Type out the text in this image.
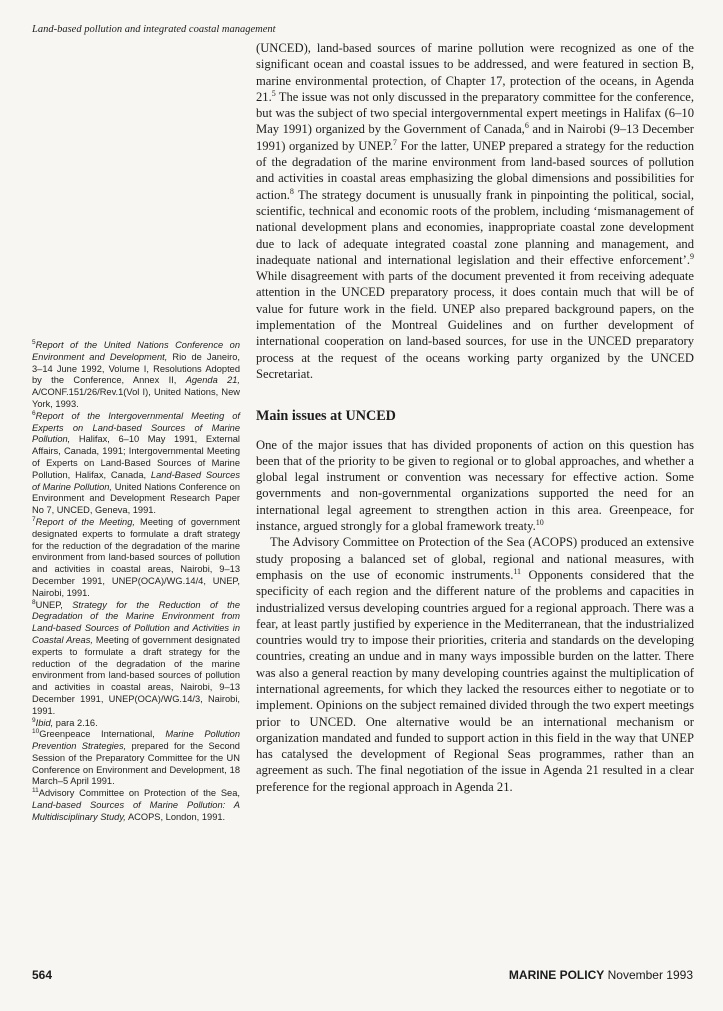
Land-based pollution and integrated coastal management

(UNCED), land-based sources of marine pollution were recognized as one of the significant ocean and coastal issues to be addressed, and were featured in section B, marine environmental protection, of Chapter 17, protection of the oceans, in Agenda 21.$^5$ The issue was not only discussed in the preparatory committee for the conference, but was the subject of two special intergovernmental expert meetings in Halifax (6–10 May 1991) organized by the Government of Canada,$^6$ and in Nairobi (9–13 December 1991) organized by UNEP.$^7$ For the latter, UNEP prepared a strategy for the reduction of the degradation of the marine environment from land-based sources of pollution and activities in coastal areas emphasizing the global dimensions and possibilities for action.$^8$ The strategy document is unusually frank in pinpointing the political, social, scientific, technical and economic roots of the problem, including ‘mismanagement of national development plans and economies, inappropriate coastal zone development due to lack of adequate integrated coastal zone planning and management, and inadequate national and international legislation and their effective enforcement’.$^9$ While disagreement with parts of the document prevented it from receiving adequate attention in the UNCED preparatory process, it does contain much that will be of value for future work in the field. UNEP also prepared background papers, on the implementation of the Montreal Guidelines and on further development of international cooperation on land-based sources, for use in the UNCED preparatory process at the request of the oceans working party organized by the UNCED Secretariat.

Main issues at UNCED

One of the major issues that has divided proponents of action on this question has been that of the priority to be given to regional or to global approaches, and whether a global legal instrument or convention was necessary for effective action. Some governments and non-governmental organizations supported the need for an international legal agreement to strengthen action in this area. Greenpeace, for instance, argued strongly for a global framework treaty.$^{10}$

The Advisory Committee on Protection of the Sea (ACOPS) produced an extensive study proposing a balanced set of global, regional and national measures, with emphasis on the use of economic instruments.$^{11}$ Opponents considered that the specificity of each region and the different nature of the problems and capacities in industrialized versus developing countries argued for a regional approach. There was a fear, at least partly justified by experience in the Mediterranean, that the industrialized countries would try to impose their priorities, criteria and standards on the developing countries, creating an undue and in many ways impossible burden on the latter. There was also a general reaction by many developing countries against the multiplication of international agreements, for which they lacked the resources either to negotiate or to implement. Opinions on the subject remained divided through the two expert meetings prior to UNCED. One alternative would be an international mechanism or organization mandated and funded to support action in this field in the way that UNEP has catalysed the development of Regional Seas programmes, rather than an agreement as such. The final negotiation of the issue in Agenda 21 resulted in a clear preference for the regional approach in Agenda 21.

$^5$Report of the United Nations Conference on Environment and Development, Rio de Janeiro, 3–14 June 1992, Volume I, Resolutions Adopted by the Conference, Annex II, Agenda 21, A/CONF.151/26/Rev.1(Vol I), United Nations, New York, 1993.

$^6$Report of the Intergovernmental Meeting of Experts on Land-based Sources of Marine Pollution, Halifax, 6–10 May 1991, External Affairs, Canada, 1991; Intergovernmental Meeting of Experts on Land-Based Sources of Marine Pollution, Halifax, Canada, Land-Based Sources of Marine Pollution, United Nations Conference on Environment and Development Research Paper No 7, UNCED, Geneva, 1991.

$^7$Report of the Meeting, Meeting of government designated experts to formulate a draft strategy for the reduction of the degradation of the marine environment from land-based sources of pollution and activities in coastal areas, Nairobi, 9–13 December 1991, UNEP(OCA)/WG.14/4, UNEP, Nairobi, 1991.

$^8$UNEP, Strategy for the Reduction of the Degradation of the Marine Environment from Land-based Sources of Pollution and Activities in Coastal Areas, Meeting of government designated experts to formulate a draft strategy for the reduction of the degradation of the marine environment from land-based sources of pollution and activities in coastal areas, Nairobi, 9–13 December 1991, UNEP(OCA)/WG.14/3, Nairobi, 1991.

$^9$Ibid, para 2.16.

$^{10}$Greenpeace International, Marine Pollution Prevention Strategies, prepared for the Second Session of the Preparatory Committee for the UN Conference on Environment and Development, 18 March–5 April 1991.

$^{11}$Advisory Committee on Protection of the Sea, Land-based Sources of Marine Pollution: A Multidisciplinary Study, ACOPS, London, 1991.

564	MARINE POLICY November 1993
